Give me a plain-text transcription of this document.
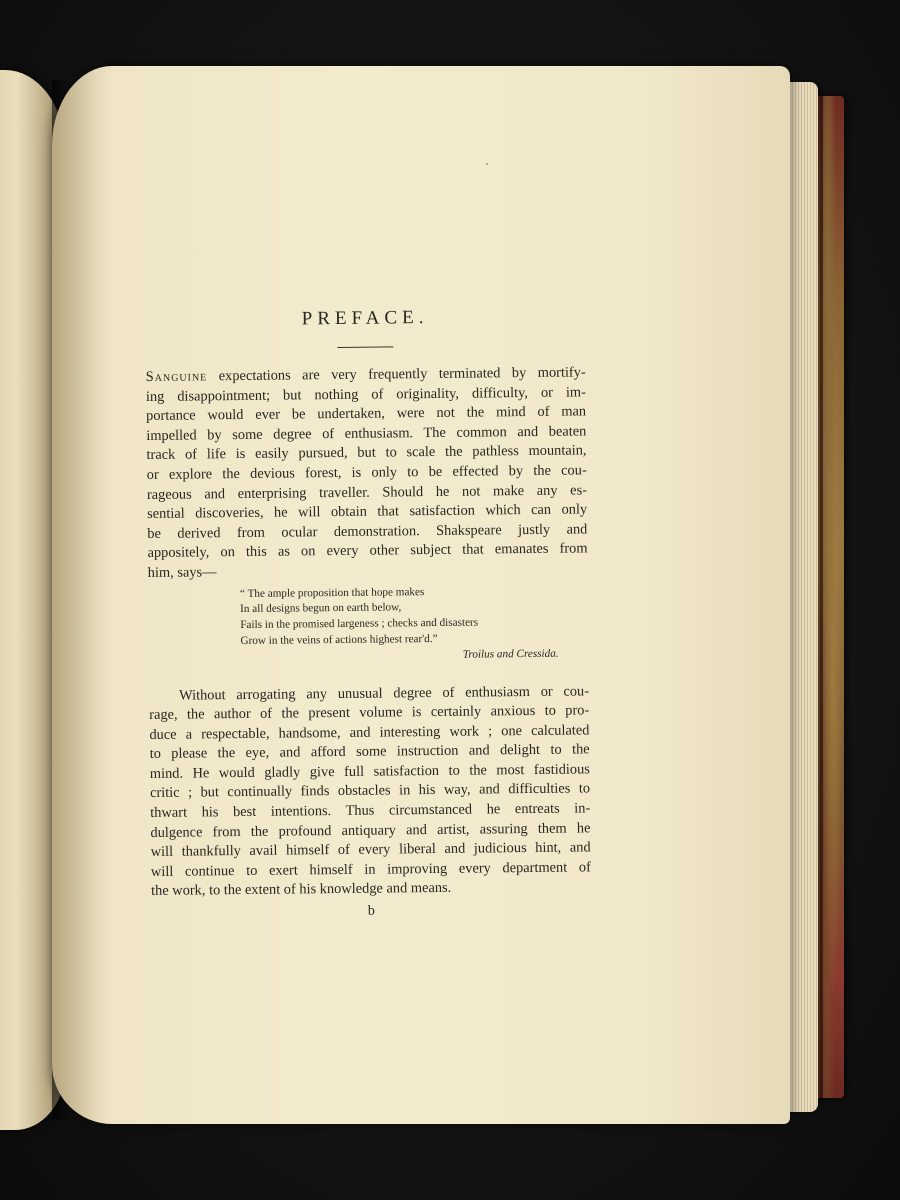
PREFACE.

Sanguine expectations are very frequently terminated by mortify-
ing disappointment; but nothing of originality, difficulty, or im-
portance would ever be undertaken, were not the mind of man
impelled by some degree of enthusiasm. The common and beaten
track of life is easily pursued, but to scale the pathless mountain,
or explore the devious forest, is only to be effected by the cou-
rageous and enterprising traveller. Should he not make any es-
sential discoveries, he will obtain that satisfaction which can only
be derived from ocular demonstration. Shakspeare justly and
appositely, on this as on every other subject that emanates from
him, says—

“ The ample proposition that hope makes
In all designs begun on earth below,
Fails in the promised largeness ; checks and disasters
Grow in the veins of actions highest rear'd.”
Troilus and Cressida.

Without arrogating any unusual degree of enthusiasm or cou-
rage, the author of the present volume is certainly anxious to pro-
duce a respectable, handsome, and interesting work ; one calculated
to please the eye, and afford some instruction and delight to the
mind. He would gladly give full satisfaction to the most fastidious
critic ; but continually finds obstacles in his way, and difficulties to
thwart his best intentions. Thus circumstanced he entreats in-
dulgence from the profound antiquary and artist, assuring them he
will thankfully avail himself of every liberal and judicious hint, and
will continue to exert himself in improving every department of
the work, to the extent of his knowledge and means.

b
